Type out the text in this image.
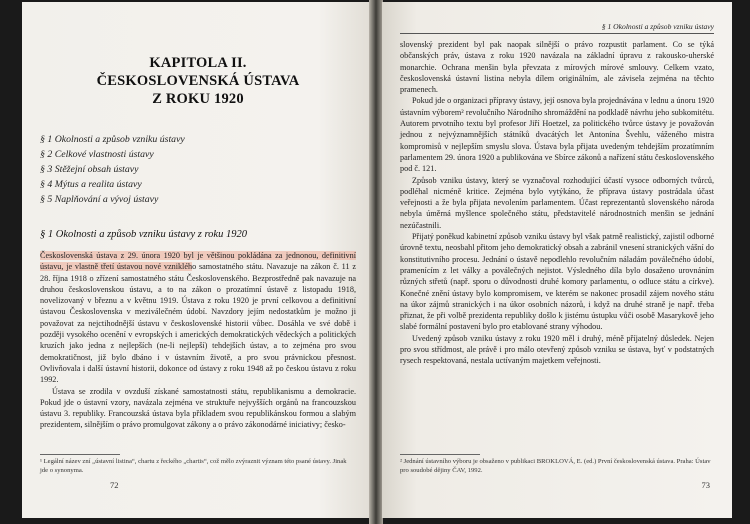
KAPITOLA II.
ČESKOSLOVENSKÁ ÚSTAVA
Z ROKU 1920
§ 1 Okolnosti a způsob vzniku ústavy
§ 2 Celkové vlastnosti ústavy
§ 3 Stěžejní obsah ústavy
§ 4 Mýtus a realita ústavy
§ 5 Naplňování a vývoj ústavy
§ 1 Okolnosti a způsob vzniku ústavy z roku 1920

Československá ústava z 29. února 1920 byl je většinou pokládána za jednonou, definitivní ústavu, je vlastně třetí ústavou nové vzniklého samostatného státu. Navazuje na zákon č. 11 z 28. října 1918 o zřízení samostatného státu Československého. Bezprostředně pak navazuje na druhou československou ústavu, a to na zákon o prozatímní ústavě z listopadu 1918, novelizovaný v březnu a v květnu 1919. Ústava z roku 1920 je první celkovou a definitivní ústavou Československa v meziválečném údobí. Navzdory jejím nedostatkům je možno ji považovat za nejctihodnější ústavu v československé historii vůbec. Dosáhla ve své době i později vysokého ocenění v evropských i amerických demokratických vědeckých a politických kruzích jako jedna z nejlepších (ne-li nejlepší) tehdejších ústav, a to zejména pro svou demokratičnost, již bylo dbáno i v ústavním životě, a pro svou právnickou přesnost. Ovlivňovala i další ústavní historii, dokonce od ústavy z roku 1948 až po českou ústavu z roku 1992.

Ústava se zrodila v ovzduší získané samostatnosti státu, republikanismu a demokracie. Pokud jde o ústavní vzory, navázala zejména ve struktuře nejvyšších orgánů na francouzskou ústavu 3. republiky. Francouzská ústava byla příkladem svou republikánskou formou a slabým prezidentem, silnějším o právo promulgovat zákony a o právo zákonodárné iniciativy; česko-

¹ Legální název zní „ústavní listina“, chartu z řeckého „chartis“, což mělo zvýraznit význam této psané ústavy. Jinak jde o synonyma.
72
§ 1 Okolnosti a způsob vzniku ústavy

slovenský prezident byl pak naopak silnější o právo rozpustit parlament. Co se týká občanských práv, ústava z roku 1920 navázala na základní úpravu z rakousko-uherské monarchie. Ochrana menšin byla převzata z mírových mírové smlouvy. Celkem vzato, československá ústavní listina nebyla dílem originálním, ale závisela zejména na těchto pramenech.

Pokud jde o organizaci přípravy ústavy, její osnova byla projednávána v lednu a únoru 1920 ústavním výborem² revolučního Národního shromáždění na podkladě návrhu jeho subkomitétu. Autorem prvotního textu byl profesor Jiří Hoetzel, za politického tvůrce ústavy je považován jednou z nejvýznamnějších státníků dvacátých let Antonína Švehlu, váženého mistra kompromisů v nejlepším smyslu slova. Ústava byla přijata uvedeným tehdejším prozatímním parlamentem 29. února 1920 a publikována ve Sbírce zákonů a nařízení státu československého pod č. 121.

Způsob vzniku ústavy, který se vyznačoval rozhodující účastí vysoce odborných tvůrců, podléhal nicméně kritice. Zejména bylo vytýkáno, že příprava ústavy postrádala účast veřejnosti a že byla přijata nevolením parlamentem. Účast reprezentantů slovenského národa nebyla úměrná myšlence společného státu, představitelé národnostních menšin se jednání nezúčastnili.

Přijatý poněkud kabinetní způsob vzniku ústavy byl však patrně realistický, zajistil odborné úrovně textu, neosbahl přitom jeho demokratický obsah a zabránil vnesení stranických vášní do konstitutivního procesu. Jednání o ústavě nepodlehlo revolučním náladám poválečného údobí, pramenícím z let války a poválečných nejistot. Výsledného díla bylo dosaženo urovnáním různých střetů (např. sporu o důvodnosti druhé komory parlamentu, o odluce státu a církve). Konečné znění ústavy bylo kompromisem, ve kterém se nakonec prosadil zájem nového státu na úkor zájmů stranických i na úkor osobních názorů, i když na druhé straně je např. třeba přiznat, že při volbě prezidenta republiky došlo k jistému ústupku vůči osobě Masarykově jeho slabé formální postavení bylo pro etablované strany výhodou.

Uvedený způsob vzniku ústavy z roku 1920 měl i druhý, méně příjatelný důsledek. Nejen pro svou střídmost, ale právě i pro málo otevřený způsob vzniku se ústava, byť v podstatných rysech respektovaná, nestala uctívaným majetkem veřejnosti.

² Jednání ústavního výboru je obsaženo v publikaci BROKLOVÁ, E. (ed.) První československá ústava. Praha: Ústav pro soudobé dějiny ČAV, 1992.
73
